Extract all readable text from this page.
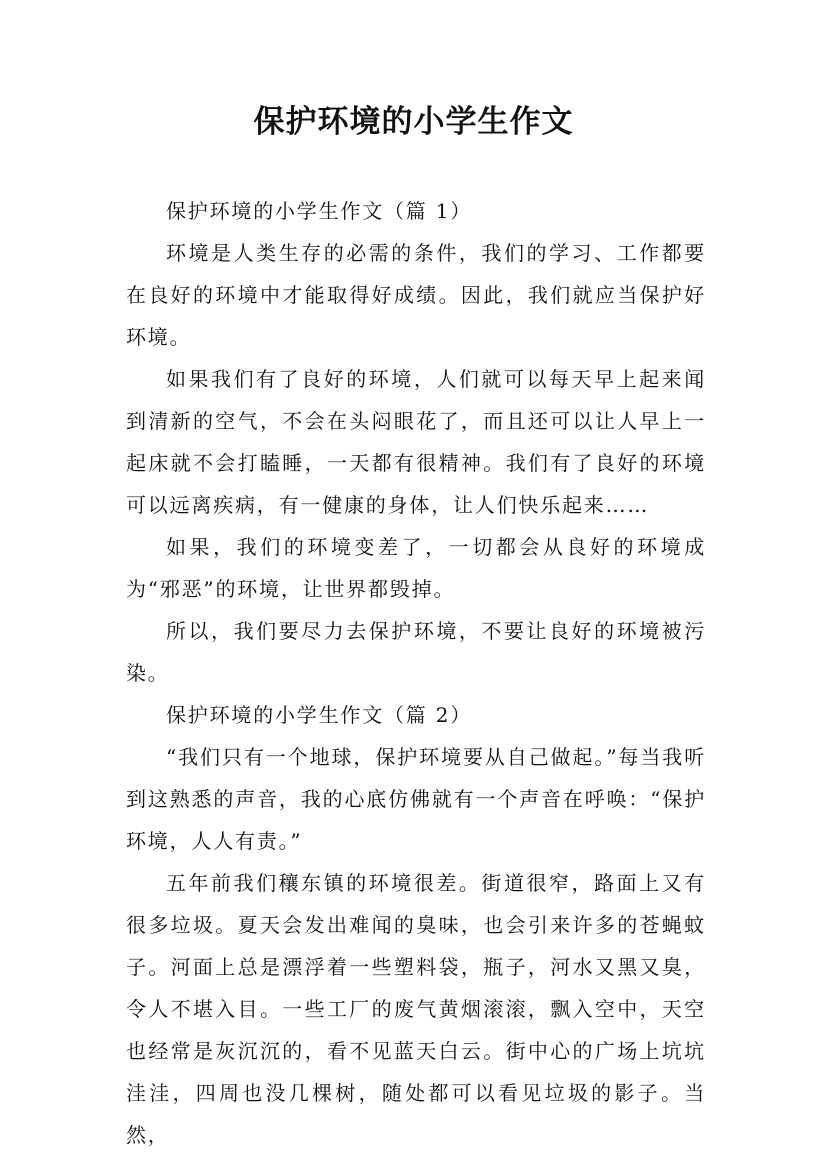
保护环境的小学生作文

保护环境的小学生作文（篇 1）

环境是人类生存的必需的条件，我们的学习、工作都要在良好的环境中才能取得好成绩。因此，我们就应当保护好环境。

如果我们有了良好的环境，人们就可以每天早上起来闻到清新的空气，不会在头闷眼花了，而且还可以让人早上一起床就不会打瞌睡，一天都有很精神。我们有了良好的环境可以远离疾病，有一健康的身体，让人们快乐起来……

如果，我们的环境变差了，一切都会从良好的环境成为“邪恶”的环境，让世界都毁掉。

所以，我们要尽力去保护环境，不要让良好的环境被污染。

保护环境的小学生作文（篇 2）

“我们只有一个地球，保护环境要从自己做起。”每当我听到这熟悉的声音，我的心底仿佛就有一个声音在呼唤：“保护环境，人人有责。”

五年前我们穰东镇的环境很差。街道很窄，路面上又有很多垃圾。夏天会发出难闻的臭味，也会引来许多的苍蝇蚊子。河面上总是漂浮着一些塑料袋，瓶子，河水又黑又臭，令人不堪入目。一些工厂的废气黄烟滚滚，飘入空中，天空也经常是灰沉沉的，看不见蓝天白云。街中心的广场上坑坑洼洼，四周也没几棵树，随处都可以看见垃圾的影子。当然，
